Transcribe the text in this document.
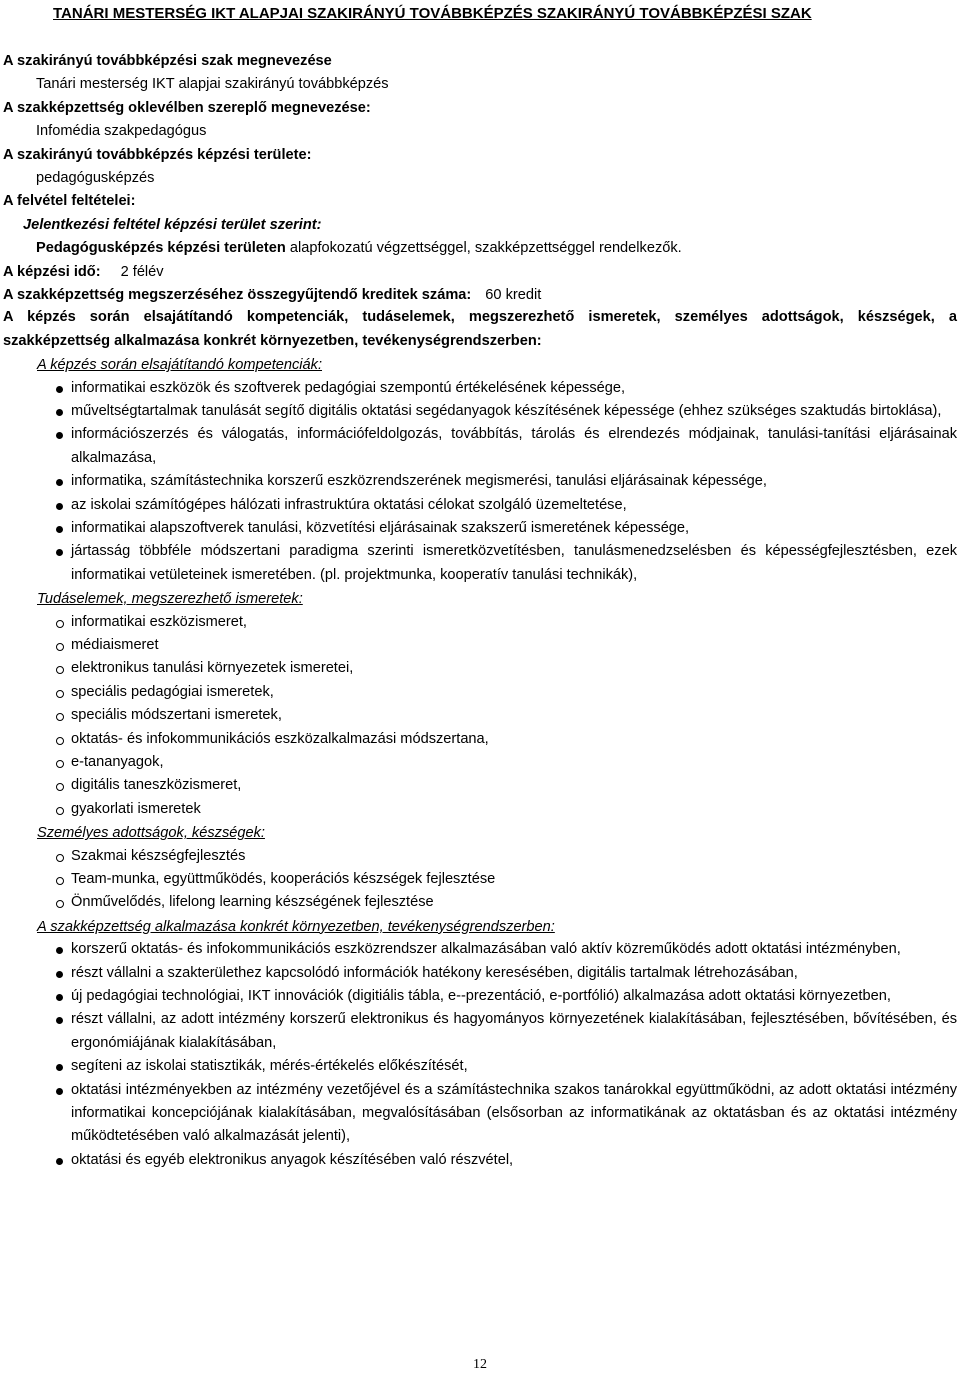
TANÁRI MESTERSÉG IKT ALAPJAI SZAKIRÁNYÚ TOVÁBBKÉPZÉS SZAKIRÁNYÚ TOVÁBBKÉPZÉSI SZAK
A szakirányú továbbképzési szak megnevezése
Tanári mesterség IKT alapjai szakirányú továbbképzés
A szakképzettség oklevélben szereplő megnevezése:
Infomédia szakpedagógus
A szakirányú továbbképzés képzési területe:
pedagógusképzés
A felvétel feltételei:
Jelentkezési feltétel képzési terület szerint:
Pedagógusképzés képzési területen alapfokozatú végzettséggel, szakképzettséggel rendelkezők.
A képzési idő: 2 félév
A szakképzettség megszerzéséhez összegyűjtendő kreditek száma: 60 kredit
A képzés során elsajátítandó kompetenciák, tudáselemek, megszerezhető ismeretek, személyes adottságok, készségek, a szakképzettség alkalmazása konkrét környezetben, tevékenységrendszerben:
A képzés során elsajátítandó kompetenciák:
informatikai eszközök és szoftverek pedagógiai szempontú értékelésének képessége,
műveltségtartalmak tanulását segítő digitális oktatási segédanyagok készítésének képessége (ehhez szükséges szaktudás birtoklása),
információszerzés és válogatás, információfeldolgozás, továbbítás, tárolás és elrendezés módjainak, tanulási-tanítási eljárásainak alkalmazása,
informatika, számítástechnika korszerű eszközrendszerének megismerési, tanulási eljárásainak képessége,
az iskolai számítógépes hálózati infrastruktúra oktatási célokat szolgáló üzemeltetése,
informatikai alapszoftverek tanulási, közvetítési eljárásainak szakszerű ismeretének képessége,
jártasság többféle módszertani paradigma szerinti ismeretközvetítésben, tanulásmenedzselésben és képességfejlesztésben, ezek informatikai vetületeinek ismeretében. (pl. projektmunka, kooperatív tanulási technikák),
Tudáselemek, megszerezhető ismeretek:
informatikai eszközismeret,
médiaismeret
elektronikus tanulási környezetek ismeretei,
speciális pedagógiai ismeretek,
speciális módszertani ismeretek,
oktatás- és infokommunikációs eszközalkalmazási módszertana,
e-tananyagok,
digitális taneszközismeret,
gyakorlati ismeretek
Személyes adottságok, készségek:
Szakmai készségfejlesztés
Team-munka, együttműködés, kooperációs készségek fejlesztése
Önművelődés, lifelong learning készségének fejlesztése
A szakképzettség alkalmazása konkrét környezetben, tevékenységrendszerben:
korszerű oktatás- és infokommunikációs eszközrendszer alkalmazásában való aktív közreműködés adott oktatási intézményben,
részt vállalni a szakterülethez kapcsolódó információk hatékony keresésében, digitális tartalmak létrehozásában,
új pedagógiai technológiai, IKT innovációk (digitiális tábla, e--prezentáció, e-portfólió) alkalmazása adott oktatási környezetben,
részt vállalni, az adott intézmény korszerű elektronikus és hagyományos környezetének kialakításában, fejlesztésében, bővítésében, és ergonómiájának kialakításában,
segíteni az iskolai statisztikák, mérés-értékelés előkészítését,
oktatási intézményekben az intézmény vezetőjével és a számítástechnika szakos tanárokkal együttműködni, az adott oktatási intézmény informatikai koncepciójának kialakításában, megvalósításában (elsősorban az informatikának az oktatásban és az oktatási intézmény működtetésében való alkalmazását jelenti),
oktatási és egyéb elektronikus anyagok készítésében való részvétel,
12
